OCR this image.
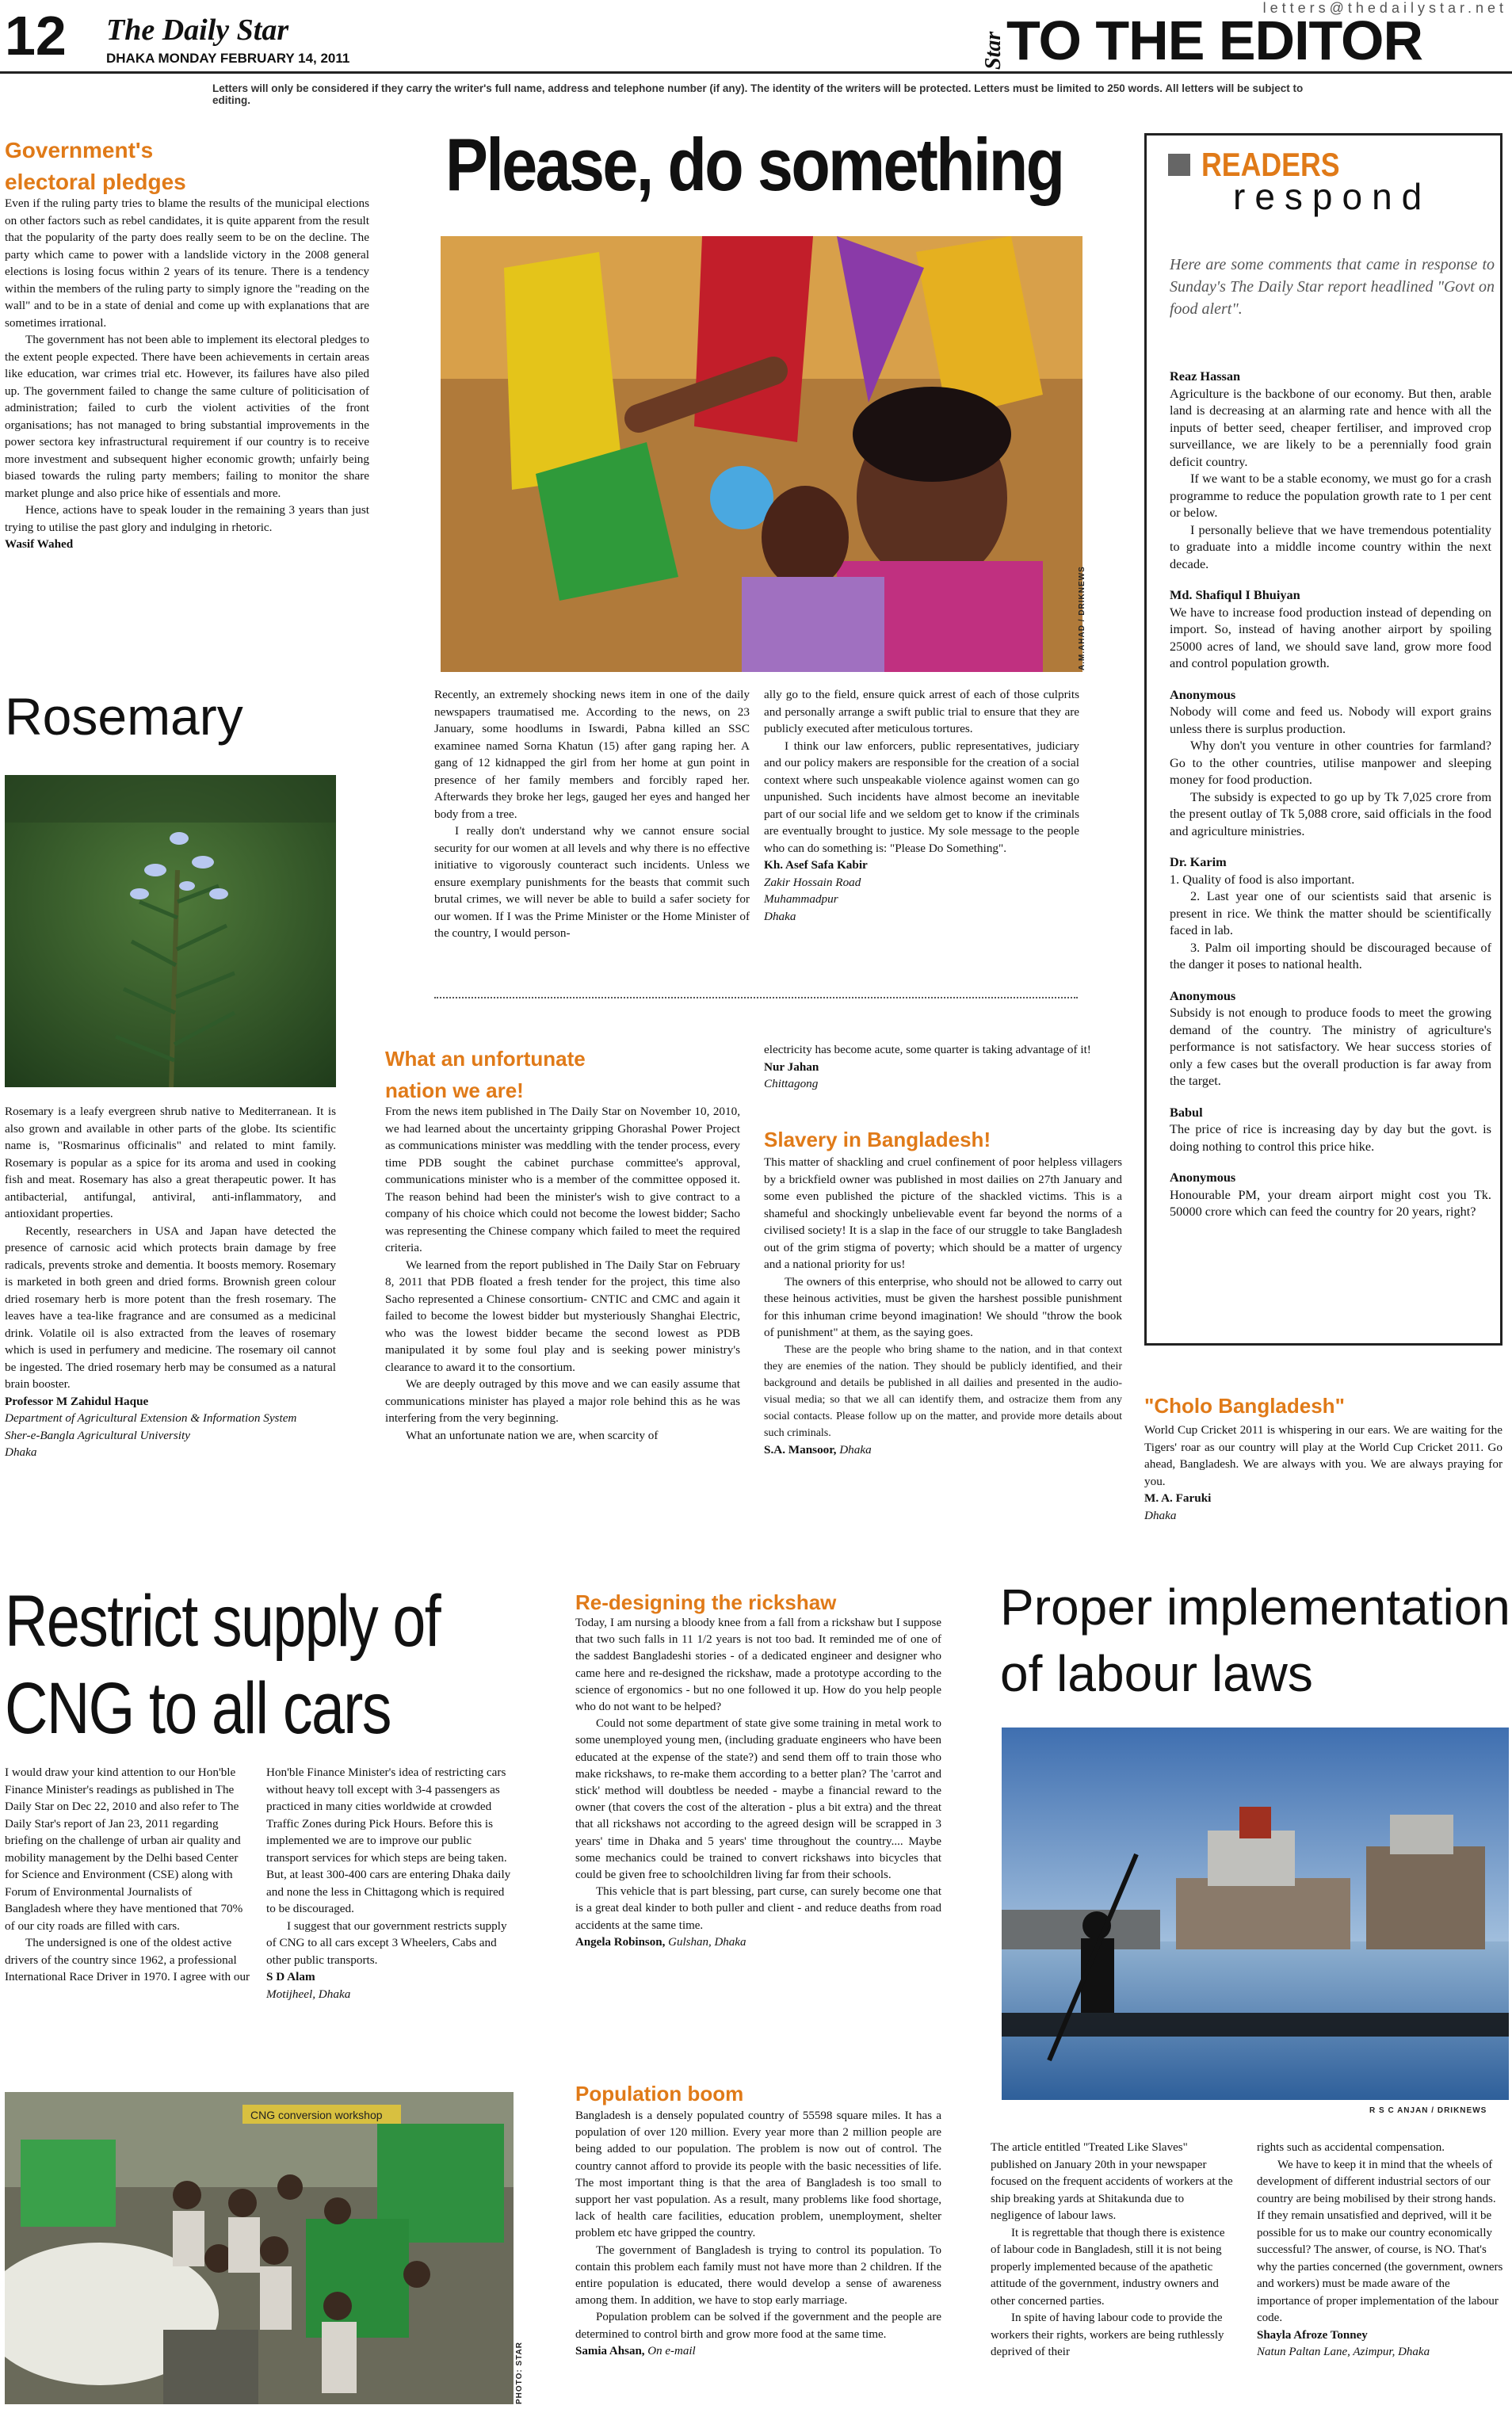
12 The Daily Star
DHAKA MONDAY FEBRUARY 14, 2011
letters@thedailystar.net
Star TO THE EDITOR
Letters will only be considered if they carry the writer's full name, address and telephone number (if any). The identity of the writers will be protected. Letters must be limited to 250 words. All letters will be subject to editing.
Government's electoral pledges

Even if the ruling party tries to blame the results of the municipal elections on other factors such as rebel candidates, it is quite apparent from the result that the popularity of the party does really seem to be on the decline. The party which came to power with a landslide victory in the 2008 general elections is losing focus within 2 years of its tenure. There is a tendency within the members of the ruling party to simply ignore the "reading on the wall" and to be in a state of denial and come up with explanations that are sometimes irrational.

The government has not been able to implement its electoral pledges to the extent people expected. There have been achievements in certain areas like education, war crimes trial etc. However, its failures have also piled up. The government failed to change the same culture of politicisation of administration; failed to curb the violent activities of the front organisations; has not managed to bring substantial improvements in the power sectora key infrastructural requirement if our country is to receive more investment and subsequent higher economic growth; unfairly being biased towards the ruling party members; failing to monitor the share market plunge and also price hike of essentials and more.

Hence, actions have to speak louder in the remaining 3 years than just trying to utilise the past glory and indulging in rhetoric.

Wasif Wahed

Rosemary

Rosemary is a leafy evergreen shrub native to Mediterranean. It is also grown and available in other parts of the globe. Its scientific name is, "Rosmarinus officinalis" and related to mint family. Rosemary is popular as a spice for its aroma and used in cooking fish and meat. Rosemary has also a great therapeutic power. It has antibacterial, antifungal, antiviral, anti-inflammatory, and antioxidant properties.

Recently, researchers in USA and Japan have detected the presence of carnosic acid which protects brain damage by free radicals, prevents stroke and dementia. It boosts memory. Rosemary is marketed in both green and dried forms. Brownish green colour dried rosemary herb is more potent than the fresh rosemary. The leaves have a tea-like fragrance and are consumed as a medicinal drink. Volatile oil is also extracted from the leaves of rosemary which is used in perfumery and medicine. The rosemary oil cannot be ingested. The dried rosemary herb may be consumed as a natural brain booster.

Professor M Zahidul Haque

Department of Agricultural Extension & Information System

Sher-e-Bangla Agricultural University

Dhaka

Please, do something
A.M.AHAD / DRIKNEWS

Recently, an extremely shocking news item in one of the daily newspapers traumatised me. According to the news, on 23 January, some hoodlums in Iswardi, Pabna killed an SSC examinee named Sorna Khatun (15) after gang raping her. A gang of 12 kidnapped the girl from her home at gun point in presence of her family members and forcibly raped her. Afterwards they broke her legs, gauged her eyes and hanged her body from a tree.

I really don't understand why we cannot ensure social security for our women at all levels and why there is no effective initiative to vigorously counteract such incidents. Unless we ensure exemplary punishments for the beasts that commit such brutal crimes, we will never be able to build a safer society for our women. If I was the Prime Minister or the Home Minister of the country, I would person-

ally go to the field, ensure quick arrest of each of those culprits and personally arrange a swift public trial to ensure that they are publicly executed after meticulous tortures.

I think our law enforcers, public representatives, judiciary and our policy makers are responsible for the creation of a social context where such unspeakable violence against women can go unpunished. Such incidents have almost become an inevitable part of our social life and we seldom get to know if the criminals are eventually brought to justice. My sole message to the people who can do something is: "Please Do Something".

Kh. Asef Safa Kabir

Zakir Hossain Road

Muhammadpur

Dhaka

What an unfortunate nation we are!

From the news item published in The Daily Star on November 10, 2010, we had learned about the uncertainty gripping Ghorashal Power Project as communications minister was meddling with the tender process, every time PDB sought the cabinet purchase committee's approval, communications minister who is a member of the committee opposed it. The reason behind had been the minister's wish to give contract to a company of his choice which could not become the lowest bidder; Sacho was representing the Chinese company which failed to meet the required criteria.

We learned from the report published in The Daily Star on February 8, 2011 that PDB floated a fresh tender for the project, this time also Sacho represented a Chinese consortium- CNTIC and CMC and again it failed to become the lowest bidder but mysteriously Shanghai Electric, who was the lowest bidder became the second lowest as PDB manipulated it by some foul play and is seeking power ministry's clearance to award it to the consortium.

We are deeply outraged by this move and we can easily assume that communications minister has played a major role behind this as he was interfering from the very beginning.

What an unfortunate nation we are, when scarcity of

electricity has become acute, some quarter is taking advantage of it!

Nur Jahan

Chittagong

Slavery in Bangladesh!

This matter of shackling and cruel confinement of poor helpless villagers by a brickfield owner was published in most dailies on 27th January and some even published the picture of the shackled victims. This is a shameful and shockingly unbelievable event far beyond the norms of a civilised society! It is a slap in the face of our struggle to take Bangladesh out of the grim stigma of poverty; which should be a matter of urgency and a national priority for us!

The owners of this enterprise, who should not be allowed to carry out these heinous activities, must be given the harshest possible punishment for this inhuman crime beyond imagination! We should "throw the book of punishment" at them, as the saying goes.

These are the people who bring shame to the nation, and in that context they are enemies of the nation. They should be publicly identified, and their background and details be published in all dailies and presented in the audio-visual media; so that we all can identify them, and ostracize them from any social contacts. Please follow up on the matter, and provide more details about such criminals.

S.A. Mansoor, Dhaka

READERS
respond
Here are some comments that came in response to Sunday's The Daily Star report headlined "Govt on food alert".

Reaz Hassan

Agriculture is the backbone of our economy. But then, arable land is decreasing at an alarming rate and hence with all the inputs of better seed, cheaper fertiliser, and improved crop surveillance, we are likely to be a perennially food grain deficit country.

If we want to be a stable economy, we must go for a crash programme to reduce the population growth rate to 1 per cent or below.

I personally believe that we have tremendous potentiality to graduate into a middle income country within the next decade.

Md. Shafiqul I Bhuiyan

We have to increase food production instead of depending on import. So, instead of having another airport by spoiling 25000 acres of land, we should save land, grow more food and control population growth.

Anonymous

Nobody will come and feed us. Nobody will export grains unless there is surplus production.

Why don't you venture in other countries for farmland? Go to the other countries, utilise manpower and sleeping money for food production.

The subsidy is expected to go up by Tk 7,025 crore from the present outlay of Tk 5,088 crore, said officials in the food and agriculture ministries.

Dr. Karim

1. Quality of food is also important.

2. Last year one of our scientists said that arsenic is present in rice. We think the matter should be scientifically faced in lab.

3. Palm oil importing should be discouraged because of the danger it poses to national health.

Anonymous

Subsidy is not enough to produce foods to meet the growing demand of the country. The ministry of agriculture's performance is not satisfactory. We hear success stories of only a few cases but the overall production is far away from the target.

Babul

The price of rice is increasing day by day but the govt. is doing nothing to control this price hike.

Anonymous

Honourable PM, your dream airport might cost you Tk. 50000 crore which can feed the country for 20 years, right?

"Cholo Bangladesh"

World Cup Cricket 2011 is whispering in our ears. We are waiting for the Tigers' roar as our country will play at the World Cup Cricket 2011. Go ahead, Bangladesh. We are always with you. We are always praying for you.

M. A. Faruki

Dhaka

Restrict supply of
CNG to all cars

I would draw your kind attention to our Hon'ble Finance Minister's readings as published in The Daily Star on Dec 22, 2010 and also refer to The Daily Star's report of Jan 23, 2011 regarding briefing on the challenge of urban air quality and mobility management by the Delhi based Center for Science and Environment (CSE) along with Forum of Environmental Journalists of Bangladesh where they have mentioned that 70% of our city roads are filled with cars.

The undersigned is one of the oldest active drivers of the country since 1962, a professional International Race Driver in 1970. I agree with our

Hon'ble Finance Minister's idea of restricting cars without heavy toll except with 3-4 passengers as practiced in many cities worldwide at crowded Traffic Zones during Pick Hours. Before this is implemented we are to improve our public transport services for which steps are being taken. But, at least 300-400 cars are entering Dhaka daily and none the less in Chittagong which is required to be discouraged.

I suggest that our government restricts supply of CNG to all cars except 3 Wheelers, Cabs and other public transports.

S D Alam

Motijheel, Dhaka

CNG conversion workshop
PHOTO: STAR
Re-designing the rickshaw

Today, I am nursing a bloody knee from a fall from a rickshaw but I suppose that two such falls in 11 1/2 years is not too bad. It reminded me of one of the saddest Bangladeshi stories - of a dedicated engineer and designer who came here and re-designed the rickshaw, made a prototype according to the science of ergonomics - but no one followed it up. How do you help people who do not want to be helped?

Could not some department of state give some training in metal work to some unemployed young men, (including graduate engineers who have been educated at the expense of the state?) and send them off to train those who make rickshaws, to re-make them according to a better plan? The 'carrot and stick' method will doubtless be needed - maybe a financial reward to the owner (that covers the cost of the alteration - plus a bit extra) and the threat that all rickshaws not according to the agreed design will be scrapped in 3 years' time in Dhaka and 5 years' time throughout the country.... Maybe some mechanics could be trained to convert rickshaws into bicycles that could be given free to schoolchildren living far from their schools.

This vehicle that is part blessing, part curse, can surely become one that is a great deal kinder to both puller and client - and reduce deaths from road accidents at the same time.

Angela Robinson, Gulshan, Dhaka

Population boom

Bangladesh is a densely populated country of 55598 square miles. It has a population of over 120 million. Every year more than 2 million people are being added to our population. The problem is now out of control. The country cannot afford to provide its people with the basic necessities of life. The most important thing is that the area of Bangladesh is too small to support her vast population. As a result, many problems like food shortage, lack of health care facilities, education problem, unemployment, shelter problem etc have gripped the country.

The government of Bangladesh is trying to control its population. To contain this problem each family must not have more than 2 children. If the entire population is educated, there would develop a sense of awareness among them. In addition, we have to stop early marriage.

Population problem can be solved if the government and the people are determined to control birth and grow more food at the same time.

Samia Ahsan, On e-mail

Proper implementation
of labour laws
R S C ANJAN / DRIKNEWS

The article entitled "Treated Like Slaves" published on January 20th in your newspaper focused on the frequent accidents of workers at the ship breaking yards at Shitakunda due to negligence of labour laws.

It is regrettable that though there is existence of labour code in Bangladesh, still it is not being properly implemented because of the apathetic attitude of the government, industry owners and other concerned parties.

In spite of having labour code to provide the workers their rights, workers are being ruthlessly deprived of their

rights such as accidental compensation.

We have to keep it in mind that the wheels of development of different industrial sectors of our country are being mobilised by their strong hands. If they remain unsatisfied and deprived, will it be possible for us to make our country economically successful? The answer, of course, is NO. That's why the parties concerned (the government, owners and workers) must be made aware of the importance of proper implementation of the labour code.

Shayla Afroze Tonney

Natun Paltan Lane, Azimpur, Dhaka
